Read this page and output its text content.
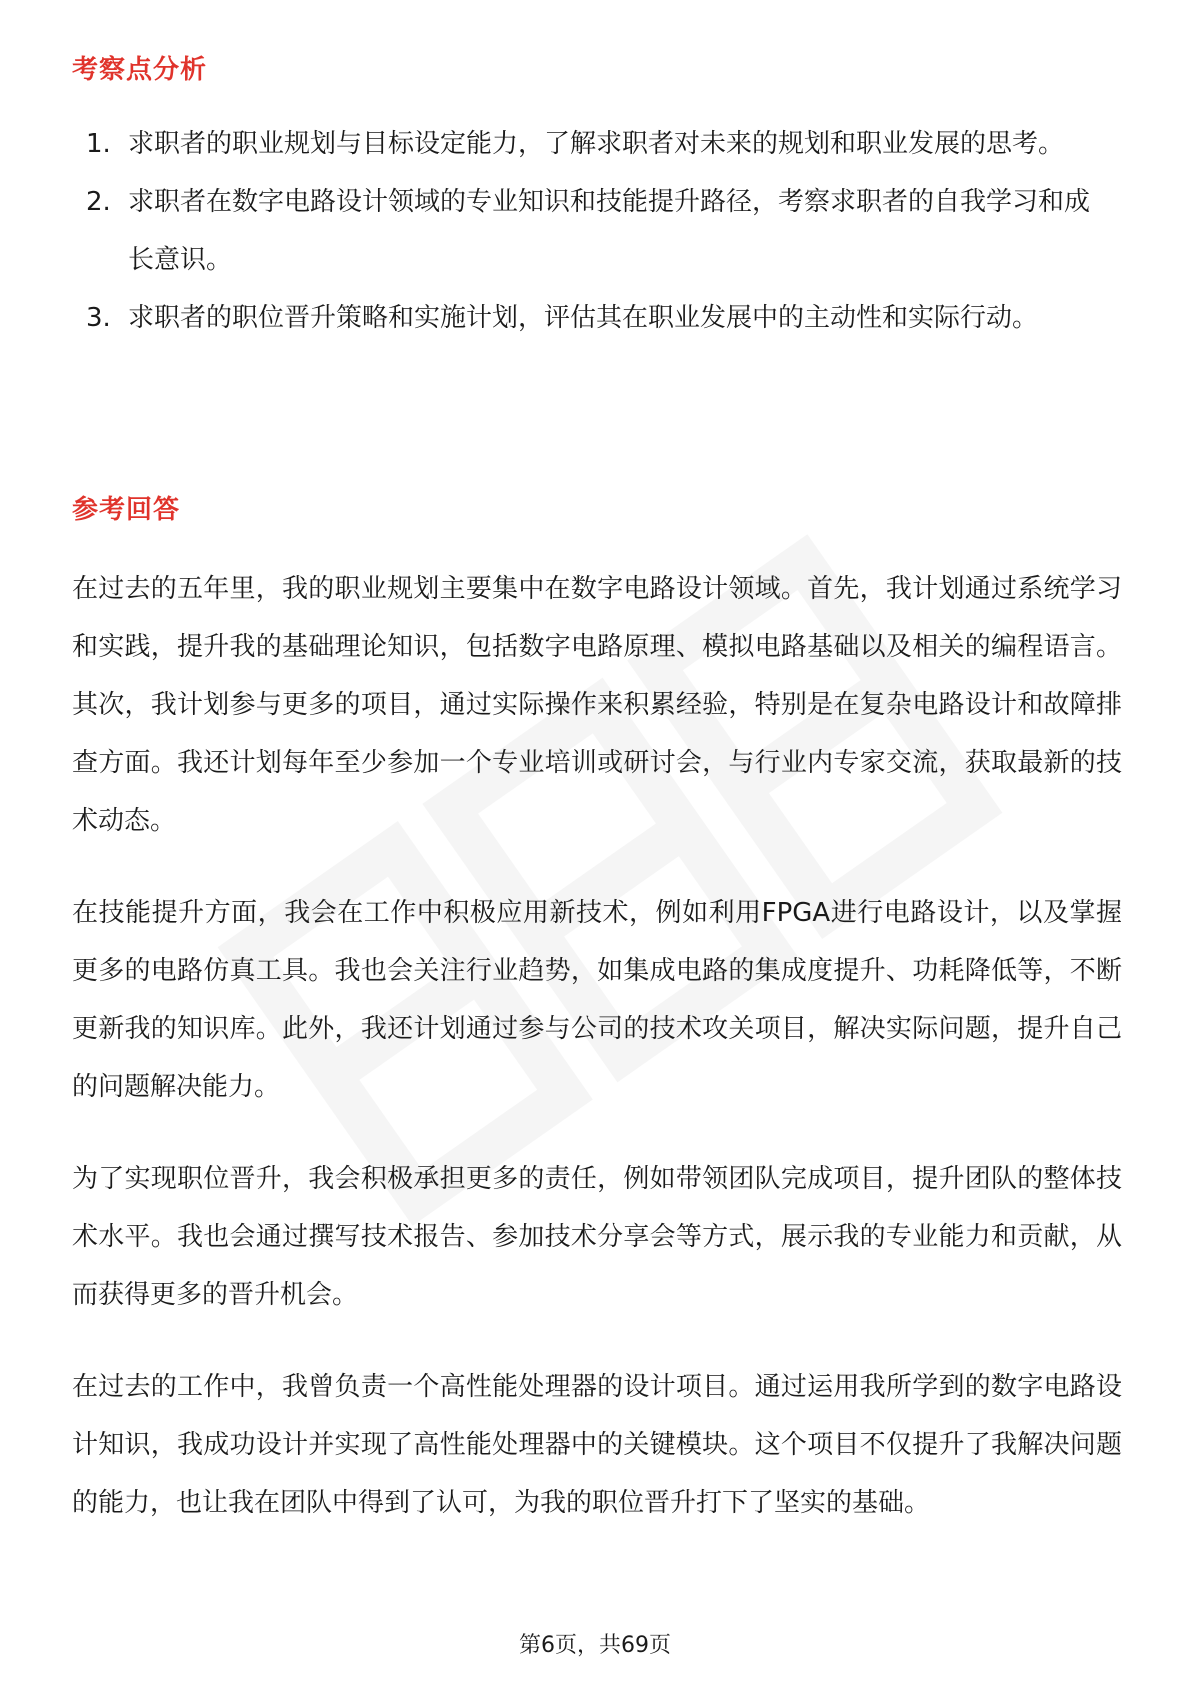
考察点分析
1. 求职者的职业规划与目标设定能力，了解求职者对未来的规划和职业发展的思考。
2. 求职者在数字电路设计领域的专业知识和技能提升路径，考察求职者的自我学习和成长意识。
3. 求职者的职位晋升策略和实施计划，评估其在职业发展中的主动性和实际行动。
参考回答

在过去的五年里，我的职业规划主要集中在数字电路设计领域。首先，我计划通过系统学习和实践，提升我的基础理论知识，包括数字电路原理、模拟电路基础以及相关的编程语言。其次，我计划参与更多的项目，通过实际操作来积累经验，特别是在复杂电路设计和故障排查方面。我还计划每年至少参加一个专业培训或研讨会，与行业内专家交流，获取最新的技术动态。

在技能提升方面，我会在工作中积极应用新技术，例如利用FPGA进行电路设计，以及掌握更多的电路仿真工具。我也会关注行业趋势，如集成电路的集成度提升、功耗降低等，不断更新我的知识库。此外，我还计划通过参与公司的技术攻关项目，解决实际问题，提升自己的问题解决能力。

为了实现职位晋升，我会积极承担更多的责任，例如带领团队完成项目，提升团队的整体技术水平。我也会通过撰写技术报告、参加技术分享会等方式，展示我的专业能力和贡献，从而获得更多的晋升机会。

在过去的工作中，我曾负责一个高性能处理器的设计项目。通过运用我所学到的数字电路设计知识，我成功设计并实现了高性能处理器中的关键模块。这个项目不仅提升了我解决问题的能力，也让我在团队中得到了认可，为我的职位晋升打下了坚实的基础。

第6页，共69页
